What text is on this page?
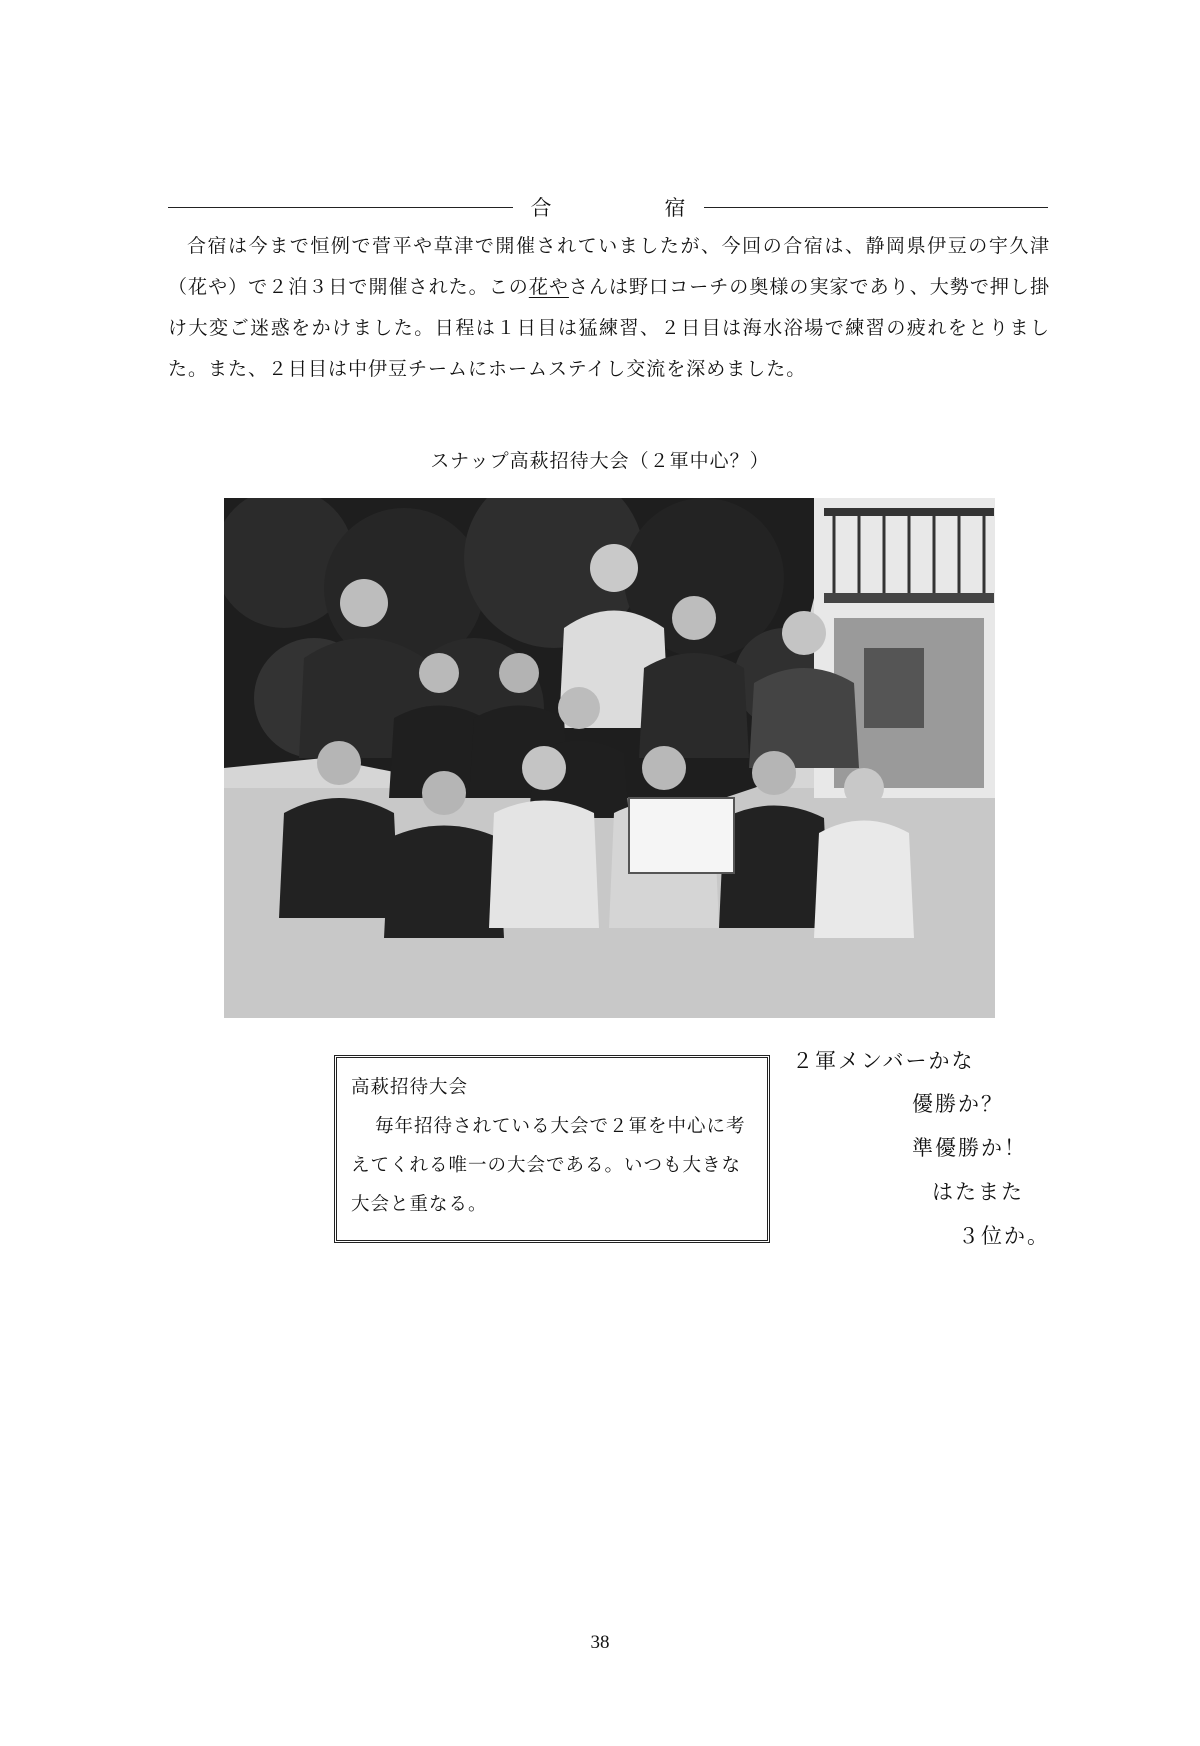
合　宿

合宿は今まで恒例で菅平や草津で開催されていましたが、今回の合宿は、静岡県伊豆の宇久津（花や）で２泊３日で開催された。この花やさんは野口コーチの奥様の実家であり、大勢で押し掛け大変ご迷惑をかけました。日程は１日目は猛練習、２日目は海水浴場で練習の疲れをとりました。また、２日目は中伊豆チームにホームステイし交流を深めました。

スナップ高萩招待大会（２軍中心？）
高萩招待大会
毎年招待されている大会で２軍を中心に考えてくれる唯一の大会である。いつも大きな大会と重なる。
２軍メンバーかな
優勝か？
準優勝か！
はたまた
３位か。
38
